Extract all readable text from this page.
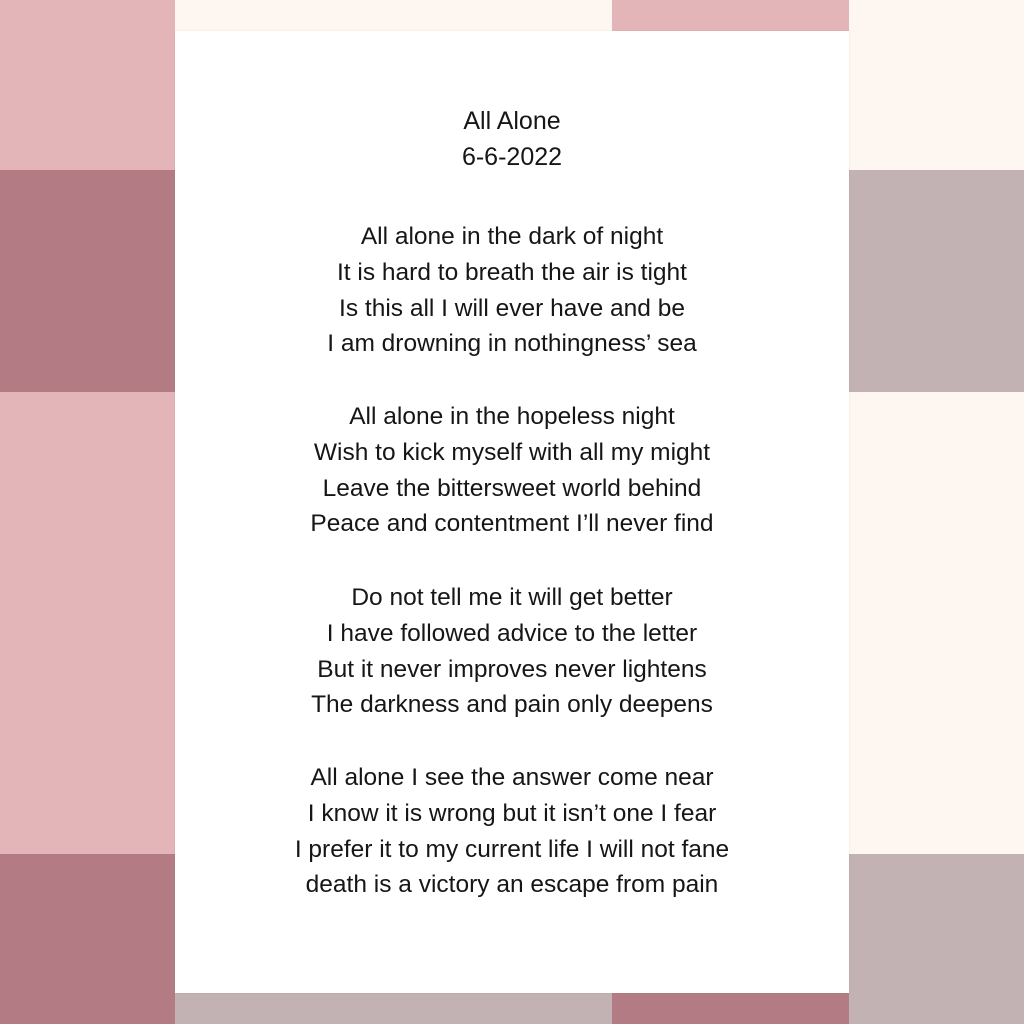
All Alone
6-6-2022
All alone in the dark of night
It is hard to breath the air is tight
Is this all I will ever have and be
I am drowning in nothingness’ sea
All alone in the hopeless night
Wish to kick myself with all my might
Leave the bittersweet world behind
Peace and contentment I’ll never find
Do not tell me it will get better
I have followed advice to the letter
But it never improves never lightens
The darkness and pain only deepens
All alone I see the answer come near
I know it is wrong but it isn’t one I fear
I prefer it to my current life I will not fane
death is a victory an escape from pain
